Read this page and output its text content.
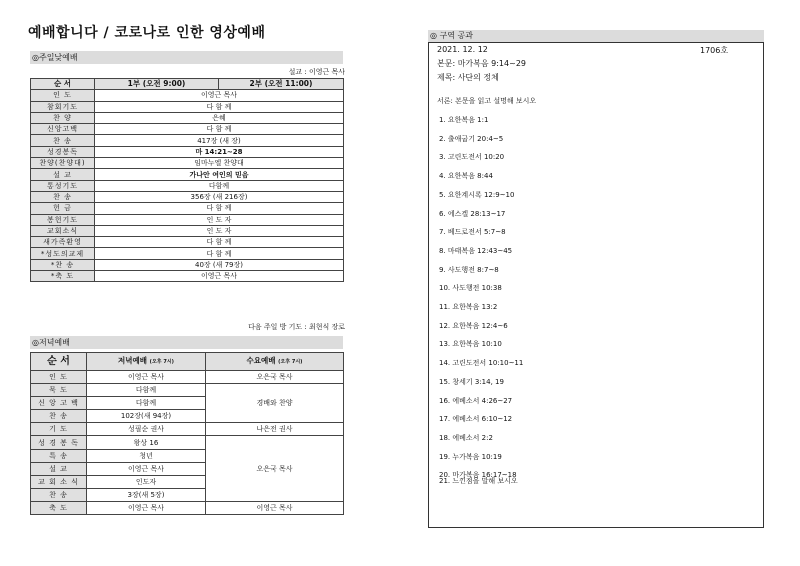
예배합니다 / 코로나로 인한 영상예배
◎주일낮예배
설교 : 이영근 목사
순 서	1부 (오전 9:00)	2부 (오전 11:00)
인 도	이영근 목사	
참회기도	다 함 께	
찬 양	은혜	
신앙고백	다 함 께	
찬 송	417장 (새 장)	
성경봉독	마 14:21~28	
찬양(찬양대)	임마누엘 찬양대	
설 교	가나안 여인의 믿음	
통성기도	다함께	
찬 송	356장 (새 216장)	
헌 금	다 함 께	
봉헌기도	인 도 자	
교회소식	인 도 자	
새가족환영	다 함 께	
*성도의교제	다 함 께	
*찬 송	40장 (새 79장)	
*축 도	이영근 목사	
다음 주일 방 기도 : 최현식 장로
◎저녁예배
순 서	저녁예배 (오후 7시)	수요예배 (오후 7시)
인 도	이영근 목사	오은국 목사
묵 도	다함께	경배와 찬양
신 앙 고 백	다함께	
찬 송	102장(새 94장)	
기 도	성필순 권사	나은전 권사
성 경 봉 독	왕상 16	오은국 목사
특 송	청년	
설 교	이영근 목사	
교 회 소 식	인도자	
찬 송	3장(새 5장)	
축 도	이영근 목사	이영근 목사
◎ 구역 공과
2021. 12. 12	1706호
본문: 마가복음 9:14~29
제목: 사단의 정체
서론: 본문을 읽고 설명해 보시오
1. 요한복음 1:1
2. 출애굽기 20:4~5
3. 고린도전서 10:20
4. 요한복음 8:44
5. 요한계시록 12:9~10
6. 에스겔 28:13~17
7. 베드로전서 5:7~8
8. 마태복음 12:43~45
9. 사도행전 8:7~8
10. 사도행전 10:38
11. 요한복음 13:2
12. 요한복음 12:4~6
13. 요한복음 10:10
14. 고린도전서 10:10~11
15. 창세기 3:14, 19
16. 에베소서 4:26~27
17. 에베소서 6:10~12
18. 에베소서 2:2
19. 누가복음 10:19
20. 마가복음 16:17~18
21. 느낀점을 말해 보시오
